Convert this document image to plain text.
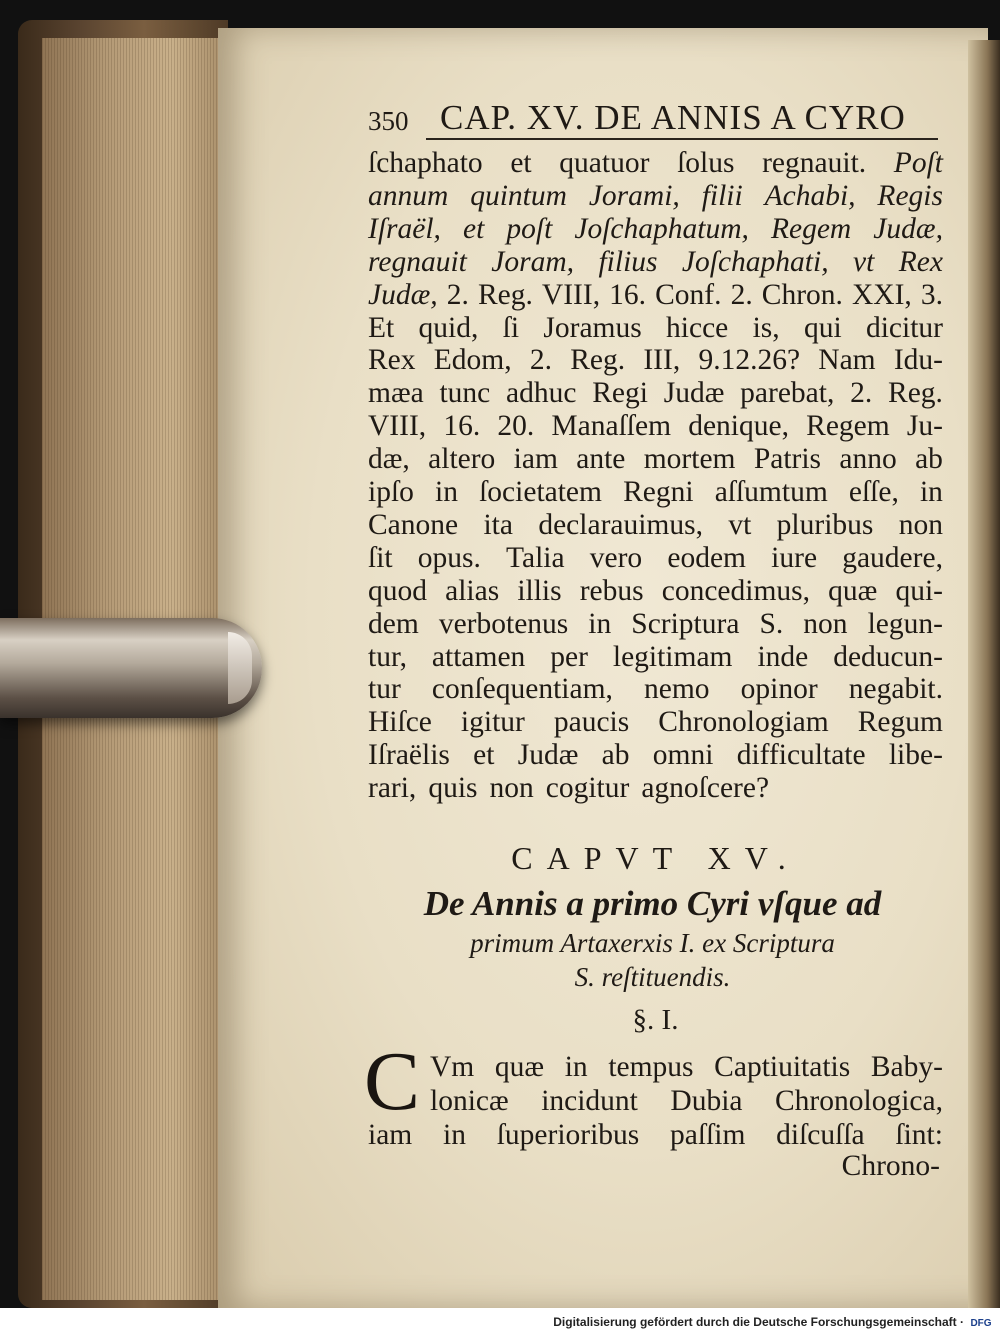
350 CAP. XV. DE ANNIS A CYRO
ſchaphato et quatuor ſolus regnauit. Poſt
annum quintum Jorami, filii Achabi, Regis
Iſraël, et poſt Joſchaphatum, Regem Judæ,
regnauit Joram, filius Joſchaphati, vt Rex
Judæ, 2. Reg. VIII, 16. Conf. 2. Chron. XXI, 3.
Et quid, ſi Joramus hicce is, qui dicitur
Rex Edom, 2. Reg. III, 9.12.26? Nam Idu-
mæa tunc adhuc Regi Judæ parebat, 2. Reg.
VIII, 16. 20. Manaſſem denique, Regem Ju-
dæ, altero iam ante mortem Patris anno ab
ipſo in ſocietatem Regni aſſumtum eſſe, in
Canone ita declarauimus, vt pluribus non
ſit opus. Talia vero eodem iure gaudere,
quod alias illis rebus concedimus, quæ qui-
dem verbotenus in Scriptura S. non legun-
tur, attamen per legitimam inde deducun-
tur conſequentiam, nemo opinor negabit.
Hiſce igitur paucis Chronologiam Regum
Iſraëlis et Judæ ab omni difficultate libe-
rari, quis non cogitur agnoſcere?
CAPVT XV.
De Annis a primo Cyri vſque ad
primum Artaxerxis I. ex Scriptura
S. reſtituendis.
§. I.
C Vm quæ in tempus Captiuitatis Baby-
lonicæ incidunt Dubia Chronologica,
iam in ſuperioribus paſſim diſcuſſa ſint:
Chrono-
Digitalisierung gefördert durch die Deutsche Forschungsgemeinschaft · DFG
